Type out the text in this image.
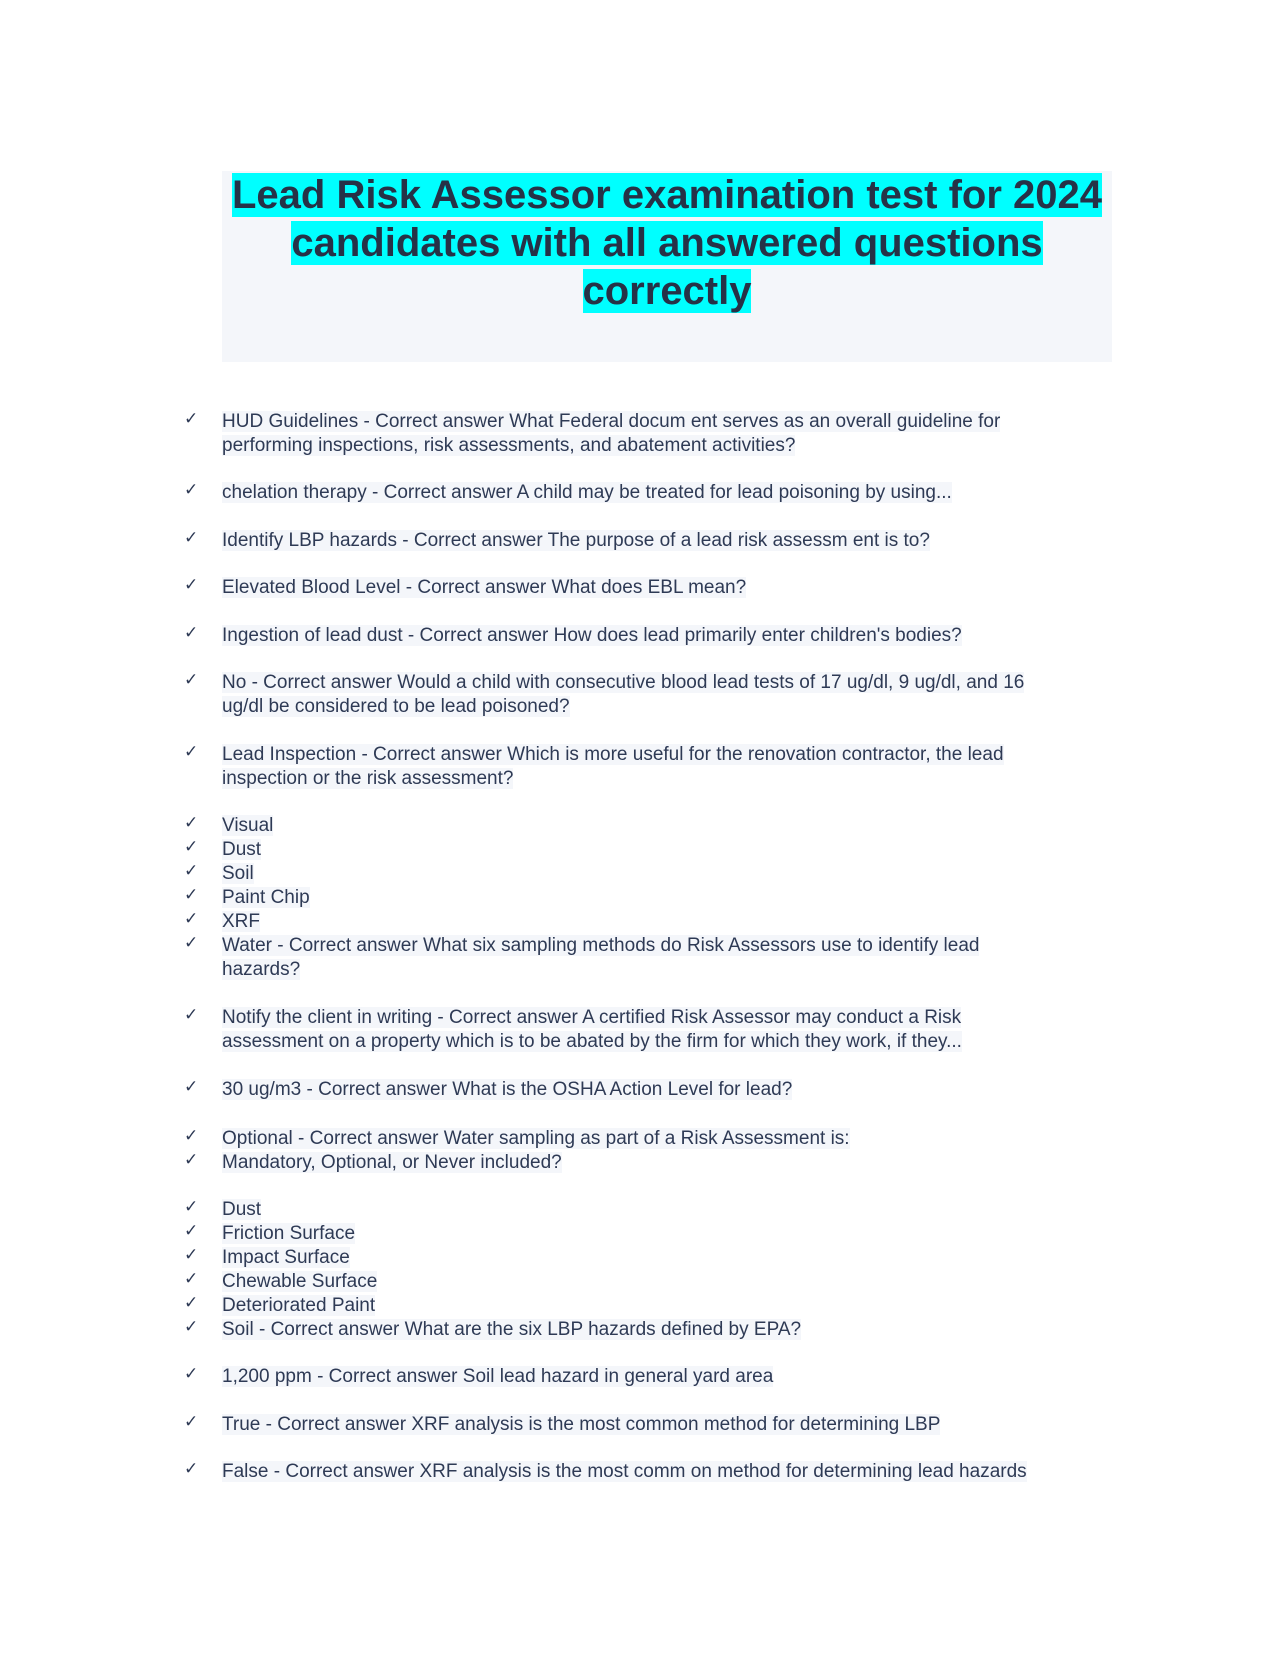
Lead Risk Assessor examination test for 2024 candidates with all answered questions correctly
✓ HUD Guidelines - Correct answer What Federal docum ent serves as an overall guideline for
performing inspections, risk assessments, and abatement activities?
✓ chelation therapy - Correct answer A child may be treated for lead poisoning by using...
✓ Identify LBP hazards - Correct answer The purpose of a lead risk assessm ent is to?
✓ Elevated Blood Level - Correct answer What does EBL mean?
✓ Ingestion of lead dust - Correct answer How does lead primarily enter children's bodies?
✓ No - Correct answer Would a child with consecutive blood lead tests of 17 ug/dl, 9 ug/dl, and 16
ug/dl be considered to be lead poisoned?
✓ Lead Inspection - Correct answer Which is more useful for the renovation contractor, the lead
inspection or the risk assessment?
✓ Visual
✓ Dust
✓ Soil
✓ Paint Chip
✓ XRF
✓ Water - Correct answer What six sampling methods do Risk Assessors use to identify lead
hazards?
✓ Notify the client in writing - Correct answer A certified Risk Assessor may conduct a Risk
assessment on a property which is to be abated by the firm for which they work, if they...
✓ 30 ug/m3 - Correct answer What is the OSHA Action Level for lead?
✓ Optional - Correct answer Water sampling as part of a Risk Assessment is:
✓ Mandatory, Optional, or Never included?
✓ Dust
✓ Friction Surface
✓ Impact Surface
✓ Chewable Surface
✓ Deteriorated Paint
✓ Soil - Correct answer What are the six LBP hazards defined by EPA?
✓ 1,200 ppm - Correct answer Soil lead hazard in general yard area
✓ True - Correct answer XRF analysis is the most common method for determining LBP
✓ False - Correct answer XRF analysis is the most comm on method for determining lead hazards
